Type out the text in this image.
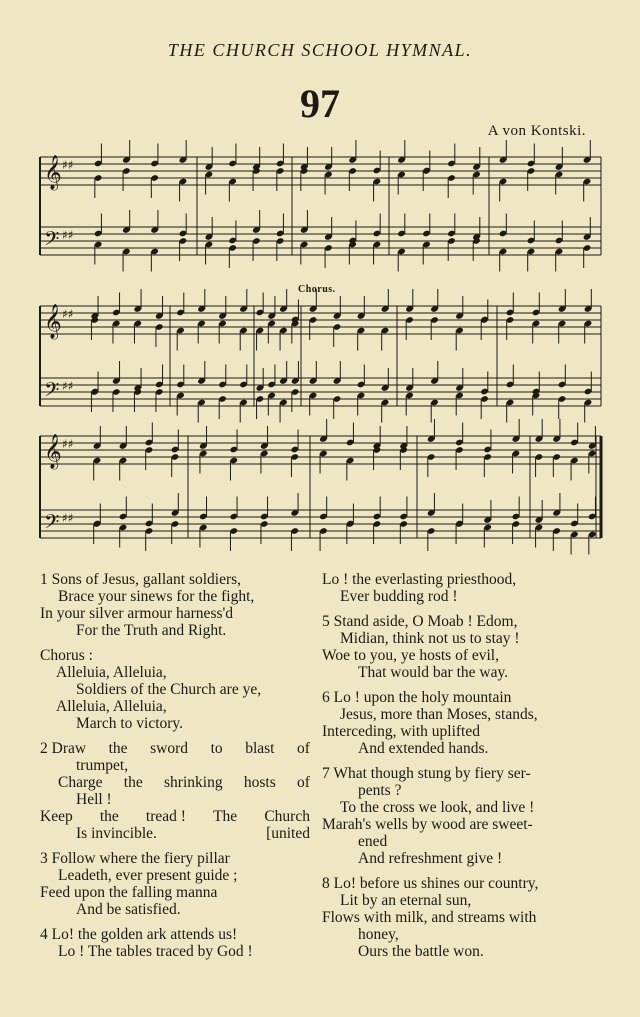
THE CHURCH SCHOOL HYMNAL.
97
A von Kontski.
Chorus.
𝄞 ♯♯
𝄢 ♯♯
𝄞 ♯♯
𝄢 ♯♯
𝄞 ♯♯
𝄢 ♯♯
1 Sons of Jesus, gallant soldiers,
Brace your sinews for the fight,
In your silver armour harness'd
For the Truth and Right.
Chorus :
Alleluia, Alleluia,
Soldiers of the Church are ye,
Alleluia, Alleluia,
March to victory.
2 Draw the sword to blast of
trumpet,
Charge the shrinking hosts of
Hell !
Keep the tread ! The Church
Is invincible.	[united
3 Follow where the fiery pillar
Leadeth, ever present guide ;
Feed upon the falling manna
And be satisfied.
4 Lo! the golden ark attends us!
Lo ! The tables traced by God !
Lo ! the everlasting priesthood,
Ever budding rod !
5 Stand aside, O Moab ! Edom,
Midian, think not us to stay !
Woe to you, ye hosts of evil,
That would bar the way.
6 Lo ! upon the holy mountain
Jesus, more than Moses, stands,
Interceding, with uplifted
And extended hands.
7 What though stung by fiery ser-
pents ?
To the cross we look, and live !
Marah's wells by wood are sweet-
ened
And refreshment give !
8 Lo! before us shines our country,
Lit by an eternal sun,
Flows with milk, and streams with
honey,
Ours the battle won.
